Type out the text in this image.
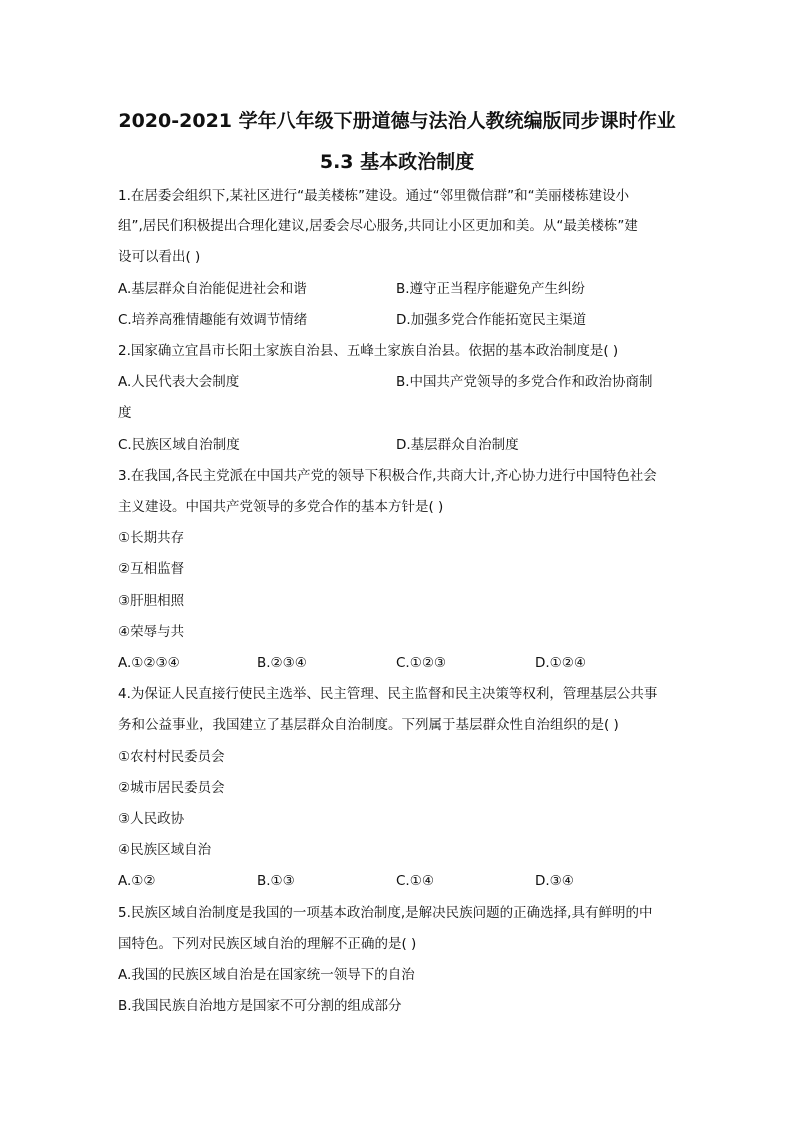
2020-2021 学年八年级下册道德与法治人教统编版同步课时作业
5.3 基本政治制度
1.在居委会组织下,某社区进行“最美楼栋”建设。通过“邻里微信群”和“美丽楼栋建设小
组”,居民们积极提出合理化建议,居委会尽心服务,共同让小区更加和美。从“最美楼栋”建
设可以看出( )
A.基层群众自治能促进社会和谐	B.遵守正当程序能避免产生纠纷
C.培养高雅情趣能有效调节情绪	D.加强多党合作能拓宽民主渠道
2.国家确立宜昌市长阳土家族自治县、五峰土家族自治县。依据的基本政治制度是( )
A.人民代表大会制度	B.中国共产党领导的多党合作和政治协商制
度
C.民族区域自治制度	D.基层群众自治制度
3.在我国,各民主党派在中国共产党的领导下积极合作,共商大计,齐心协力进行中国特色社会
主义建设。中国共产党领导的多党合作的基本方针是( )
①长期共存
②互相监督
③肝胆相照
④荣辱与共
A.①②③④	B.②③④	C.①②③	D.①②④
4.为保证人民直接行使民主选举、民主管理、民主监督和民主决策等权利，管理基层公共事
务和公益事业，我国建立了基层群众自治制度。下列属于基层群众性自治组织的是( )
①农村村民委员会
②城市居民委员会
③人民政协
④民族区域自治
A.①②	B.①③	C.①④	D.③④
5.民族区域自治制度是我国的一项基本政治制度,是解决民族问题的正确选择,具有鲜明的中
国特色。下列对民族区域自治的理解不正确的是( )
A.我国的民族区域自治是在国家统一领导下的自治
B.我国民族自治地方是国家不可分割的组成部分
